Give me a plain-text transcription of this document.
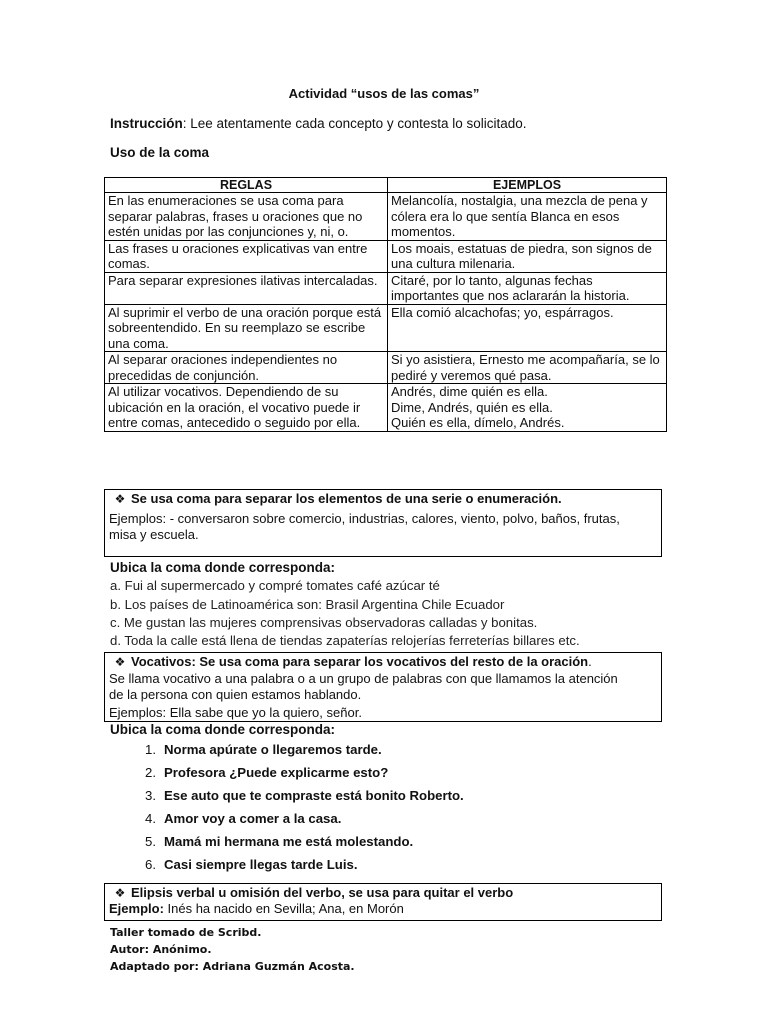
Actividad “usos de las comas”
Instrucción: Lee atentamente cada concepto y contesta lo solicitado.
Uso de la coma
REGLAS	EJEMPLOS
En las enumeraciones se usa coma para separar palabras, frases u oraciones que no estén unidas por las conjunciones y, ni, o.	Melancolía, nostalgia, una mezcla de pena y cólera era lo que sentía Blanca en esos momentos.
Las frases u oraciones explicativas van entre comas.	Los moais, estatuas de piedra, son signos de una cultura milenaria.
Para separar expresiones ilativas intercaladas.	Citaré, por lo tanto, algunas fechas importantes que nos aclararán la historia.
Al suprimir el verbo de una oración porque está sobreentendido. En su reemplazo se escribe una coma.	Ella comió alcachofas; yo, espárragos.
Al separar oraciones independientes no precedidas de conjunción.	Si yo asistiera, Ernesto me acompañaría, se lo pediré y veremos qué pasa.
Al utilizar vocativos. Dependiendo de su ubicación en la oración, el vocativo puede ir entre comas, antecedido o seguido por ella.	Andrés, dime quién es ella.
Dime, Andrés, quién es ella.
Quién es ella, dímelo, Andrés.
❖ Se usa coma para separar los elementos de una serie o enumeración.
Ejemplos: - conversaron sobre comercio, industrias, calores, viento, polvo, baños, frutas, misa y escuela.
Ubica la coma donde corresponda:
a. Fui al supermercado y compré tomates café azúcar té
b. Los países de Latinoamérica son: Brasil Argentina Chile Ecuador
c. Me gustan las mujeres comprensivas observadoras calladas y bonitas.
d. Toda la calle está llena de tiendas zapaterías relojerías ferreterías billares etc.
❖ Vocativos: Se usa coma para separar los vocativos del resto de la oración.
Se llama vocativo a una palabra o a un grupo de palabras con que llamamos la atención de la persona con quien estamos hablando.
Ejemplos: Ella sabe que yo la quiero, señor.
Ubica la coma donde corresponda:
1. Norma apúrate o llegaremos tarde.
2. Profesora ¿Puede explicarme esto?
3. Ese auto que te compraste está bonito Roberto.
4. Amor voy a comer a la casa.
5. Mamá mi hermana me está molestando.
6. Casi siempre llegas tarde Luis.
❖ Elipsis verbal u omisión del verbo, se usa para quitar el verbo
Ejemplo: Inés ha nacido en Sevilla; Ana, en Morón
Taller tomado de Scribd.
Autor: Anónimo.
Adaptado por: Adriana Guzmán Acosta.
